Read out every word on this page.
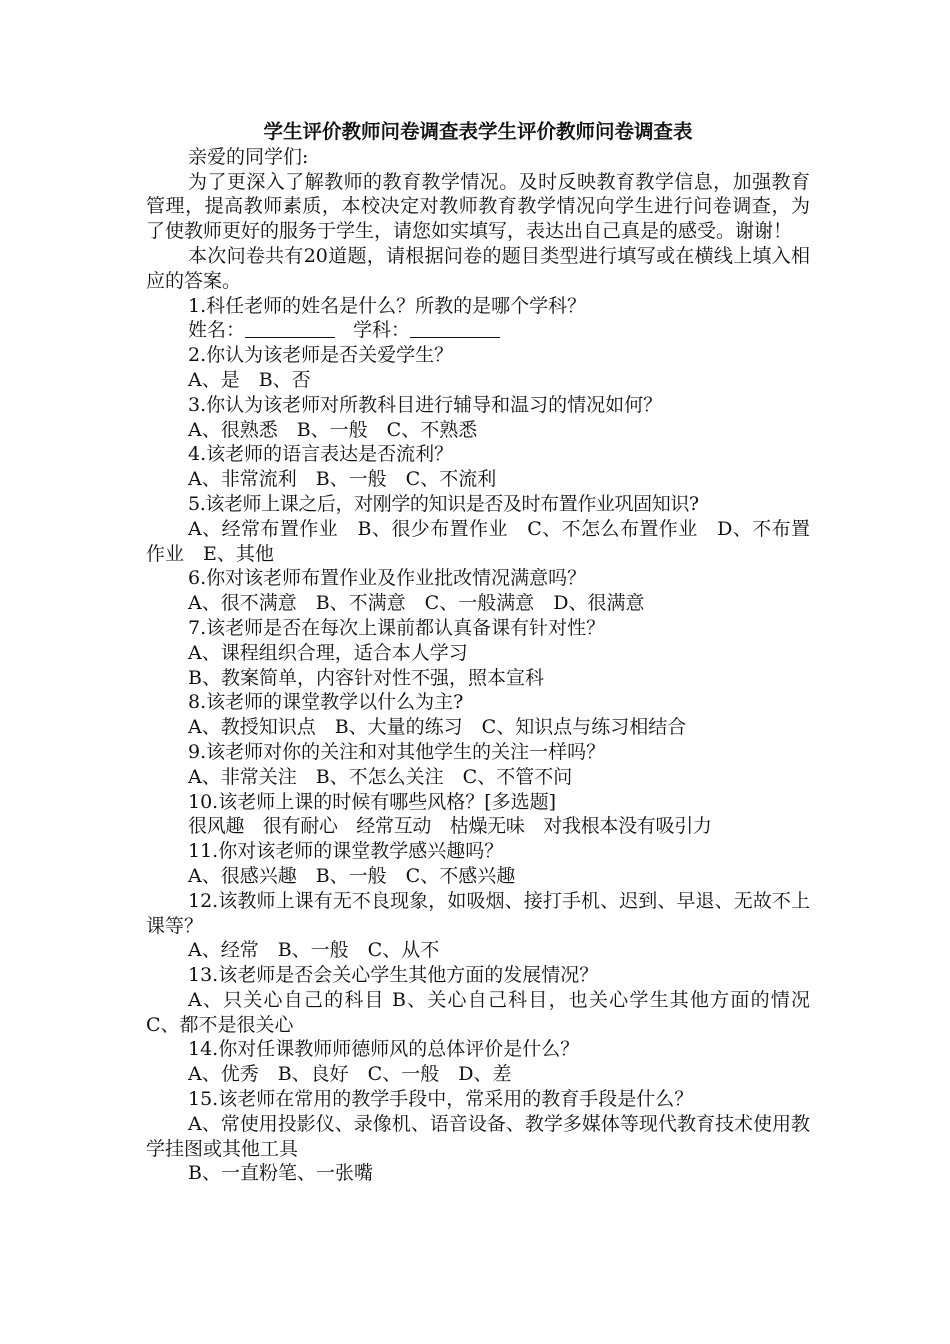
学生评价教师问卷调查表学生评价教师问卷调查表

亲爱的同学们:

为了更深入了解教师的教育教学情况。及时反映教育教学信息，加强教育管理，提高教师素质，本校决定对教师教育教学情况向学生进行问卷调查，为了使教师更好的服务于学生，请您如实填写，表达出自己真是的感受。谢谢！

本次问卷共有20道题，请根据问卷的题目类型进行填写或在横线上填入相应的答案。

1.科任老师的姓名是什么？所教的是哪个学科？

姓名：	学科：

2.你认为该老师是否关爱学生？

A、是　B、否

3.你认为该老师对所教科目进行辅导和温习的情况如何？

A、很熟悉　B、一般　C、不熟悉

4.该老师的语言表达是否流利？

A、非常流利　B、一般　C、不流利

5.该老师上课之后，对刚学的知识是否及时布置作业巩固知识?

A、经常布置作业　B、很少布置作业　C、不怎么布置作业　D、不布置作业　E、其他

6.你对该老师布置作业及作业批改情况满意吗？

A、很不满意　B、不满意　C、一般满意　D、很满意

7.该老师是否在每次上课前都认真备课有针对性？

A、课程组织合理，适合本人学习

B、教案简单，内容针对性不强，照本宣科

8.该老师的课堂教学以什么为主?

A、教授知识点　B、大量的练习　C、知识点与练习相结合

9.该老师对你的关注和对其他学生的关注一样吗？

A、非常关注　B、不怎么关注　C、不管不问

10.该老师上课的时候有哪些风格？[多选题]

很风趣　很有耐心　经常互动　枯燥无味　对我根本没有吸引力

11.你对该老师的课堂教学感兴趣吗？

A、很感兴趣　B、一般　C、不感兴趣

12.该教师上课有无不良现象，如吸烟、接打手机、迟到、早退、无故不上课等？

A、经常　B、一般　C、从不

13.该老师是否会关心学生其他方面的发展情况？

A、只关心自己的科目 B、关心自己科目，也关心学生其他方面的情况 C、都不是很关心

14.你对任课教师师德师风的总体评价是什么？

A、优秀　B、良好　C、一般　D、差

15.该老师在常用的教学手段中，常采用的教育手段是什么？

A、常使用投影仪、录像机、语音设备、教学多媒体等现代教育技术使用教学挂图或其他工具

B、一直粉笔、一张嘴
